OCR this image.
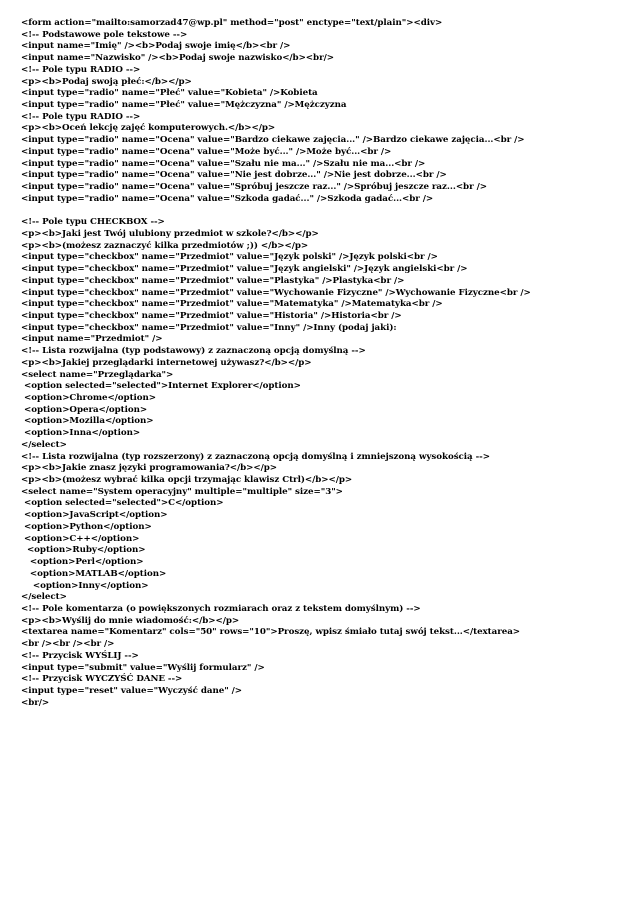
<form action="mailto:samorzad47@wp.pl" method="post" enctype="text/plain"><div>
<!-- Podstawowe pole tekstowe -->
<input name="Imię" /><b>Podaj swoje imię</b><br />
<input name="Nazwisko" /><b>Podaj swoje nazwisko</b><br/>
<!-- Pole typu RADIO -->
<p><b>Podaj swoją płeć:</b></p>
<input type="radio" name="Płeć" value="Kobieta" />Kobieta
<input type="radio" name="Płeć" value="Mężczyzna" />Mężczyzna
<!-- Pole typu RADIO -->
<p><b>Oceń lekcję zajęć komputerowych.</b></p>
<input type="radio" name="Ocena" value="Bardzo ciekawe zajęcia..." />Bardzo ciekawe zajęcia...<br />
<input type="radio" name="Ocena" value="Może być..." />Może być...<br />
<input type="radio" name="Ocena" value="Szału nie ma..." />Szału nie ma...<br />
<input type="radio" name="Ocena" value="Nie jest dobrze..." />Nie jest dobrze...<br />
<input type="radio" name="Ocena" value="Spróbuj jeszcze raz..." />Spróbuj jeszcze raz...<br />
<input type="radio" name="Ocena" value="Szkoda gadać..." />Szkoda gadać...<br />
<!-- Pole typu CHECKBOX -->
<p><b>Jaki jest Twój ulubiony przedmiot w szkole?</b></p>
<p><b>(możesz zaznaczyć kilka przedmiotów ;)) </b></p>
<input type="checkbox" name="Przedmiot" value="Język polski" />Język polski<br />
<input type="checkbox" name="Przedmiot" value="Język angielski" />Język angielski<br />
<input type="checkbox" name="Przedmiot" value="Plastyka" />Plastyka<br />
<input type="checkbox" name="Przedmiot" value="Wychowanie Fizyczne" />Wychowanie Fizyczne<br />
<input type="checkbox" name="Przedmiot" value="Matematyka" />Matematyka<br />
<input type="checkbox" name="Przedmiot" value="Historia" />Historia<br />
<input type="checkbox" name="Przedmiot" value="Inny" />Inny (podaj jaki):
<input name="Przedmiot" />
<!-- Lista rozwijalna (typ podstawowy) z zaznaczoną opcją domyślną -->
<p><b>Jakiej przeglądarki internetowej używasz?</b></p>
<select name="Przeglądarka">
<option selected="selected">Internet Explorer</option>
<option>Chrome</option>
<option>Opera</option>
<option>Mozilla</option>
<option>Inna</option>
</select>
<!-- Lista rozwijalna (typ rozszerzony) z zaznaczoną opcją domyślną i zmniejszoną wysokością -->
<p><b>Jakie znasz języki programowania?</b></p>
<p><b>(możesz wybrać kilka opcji trzymając klawisz Ctrl)</b></p>
<select name="System operacyjny" multiple="multiple" size="3">
<option selected="selected">C</option>
<option>JavaScript</option>
<option>Python</option>
<option>C++</option>
<option>Ruby</option>
<option>Perl</option>
<option>MATLAB</option>
<option>Inny</option>
</select>
<!-- Pole komentarza (o powiększonych rozmiarach oraz z tekstem domyślnym) -->
<p><b>Wyślij do mnie wiadomość:</b></p>
<textarea name="Komentarz" cols="50" rows="10">Proszę, wpisz śmiało tutaj swój tekst...</textarea>
<br /><br /><br />
<!-- Przycisk WYŚLIJ -->
<input type="submit" value="Wyślij formularz" />
<!-- Przycisk WYCZYŚĆ DANE -->
<input type="reset" value="Wyczyść dane" />
<br/>
